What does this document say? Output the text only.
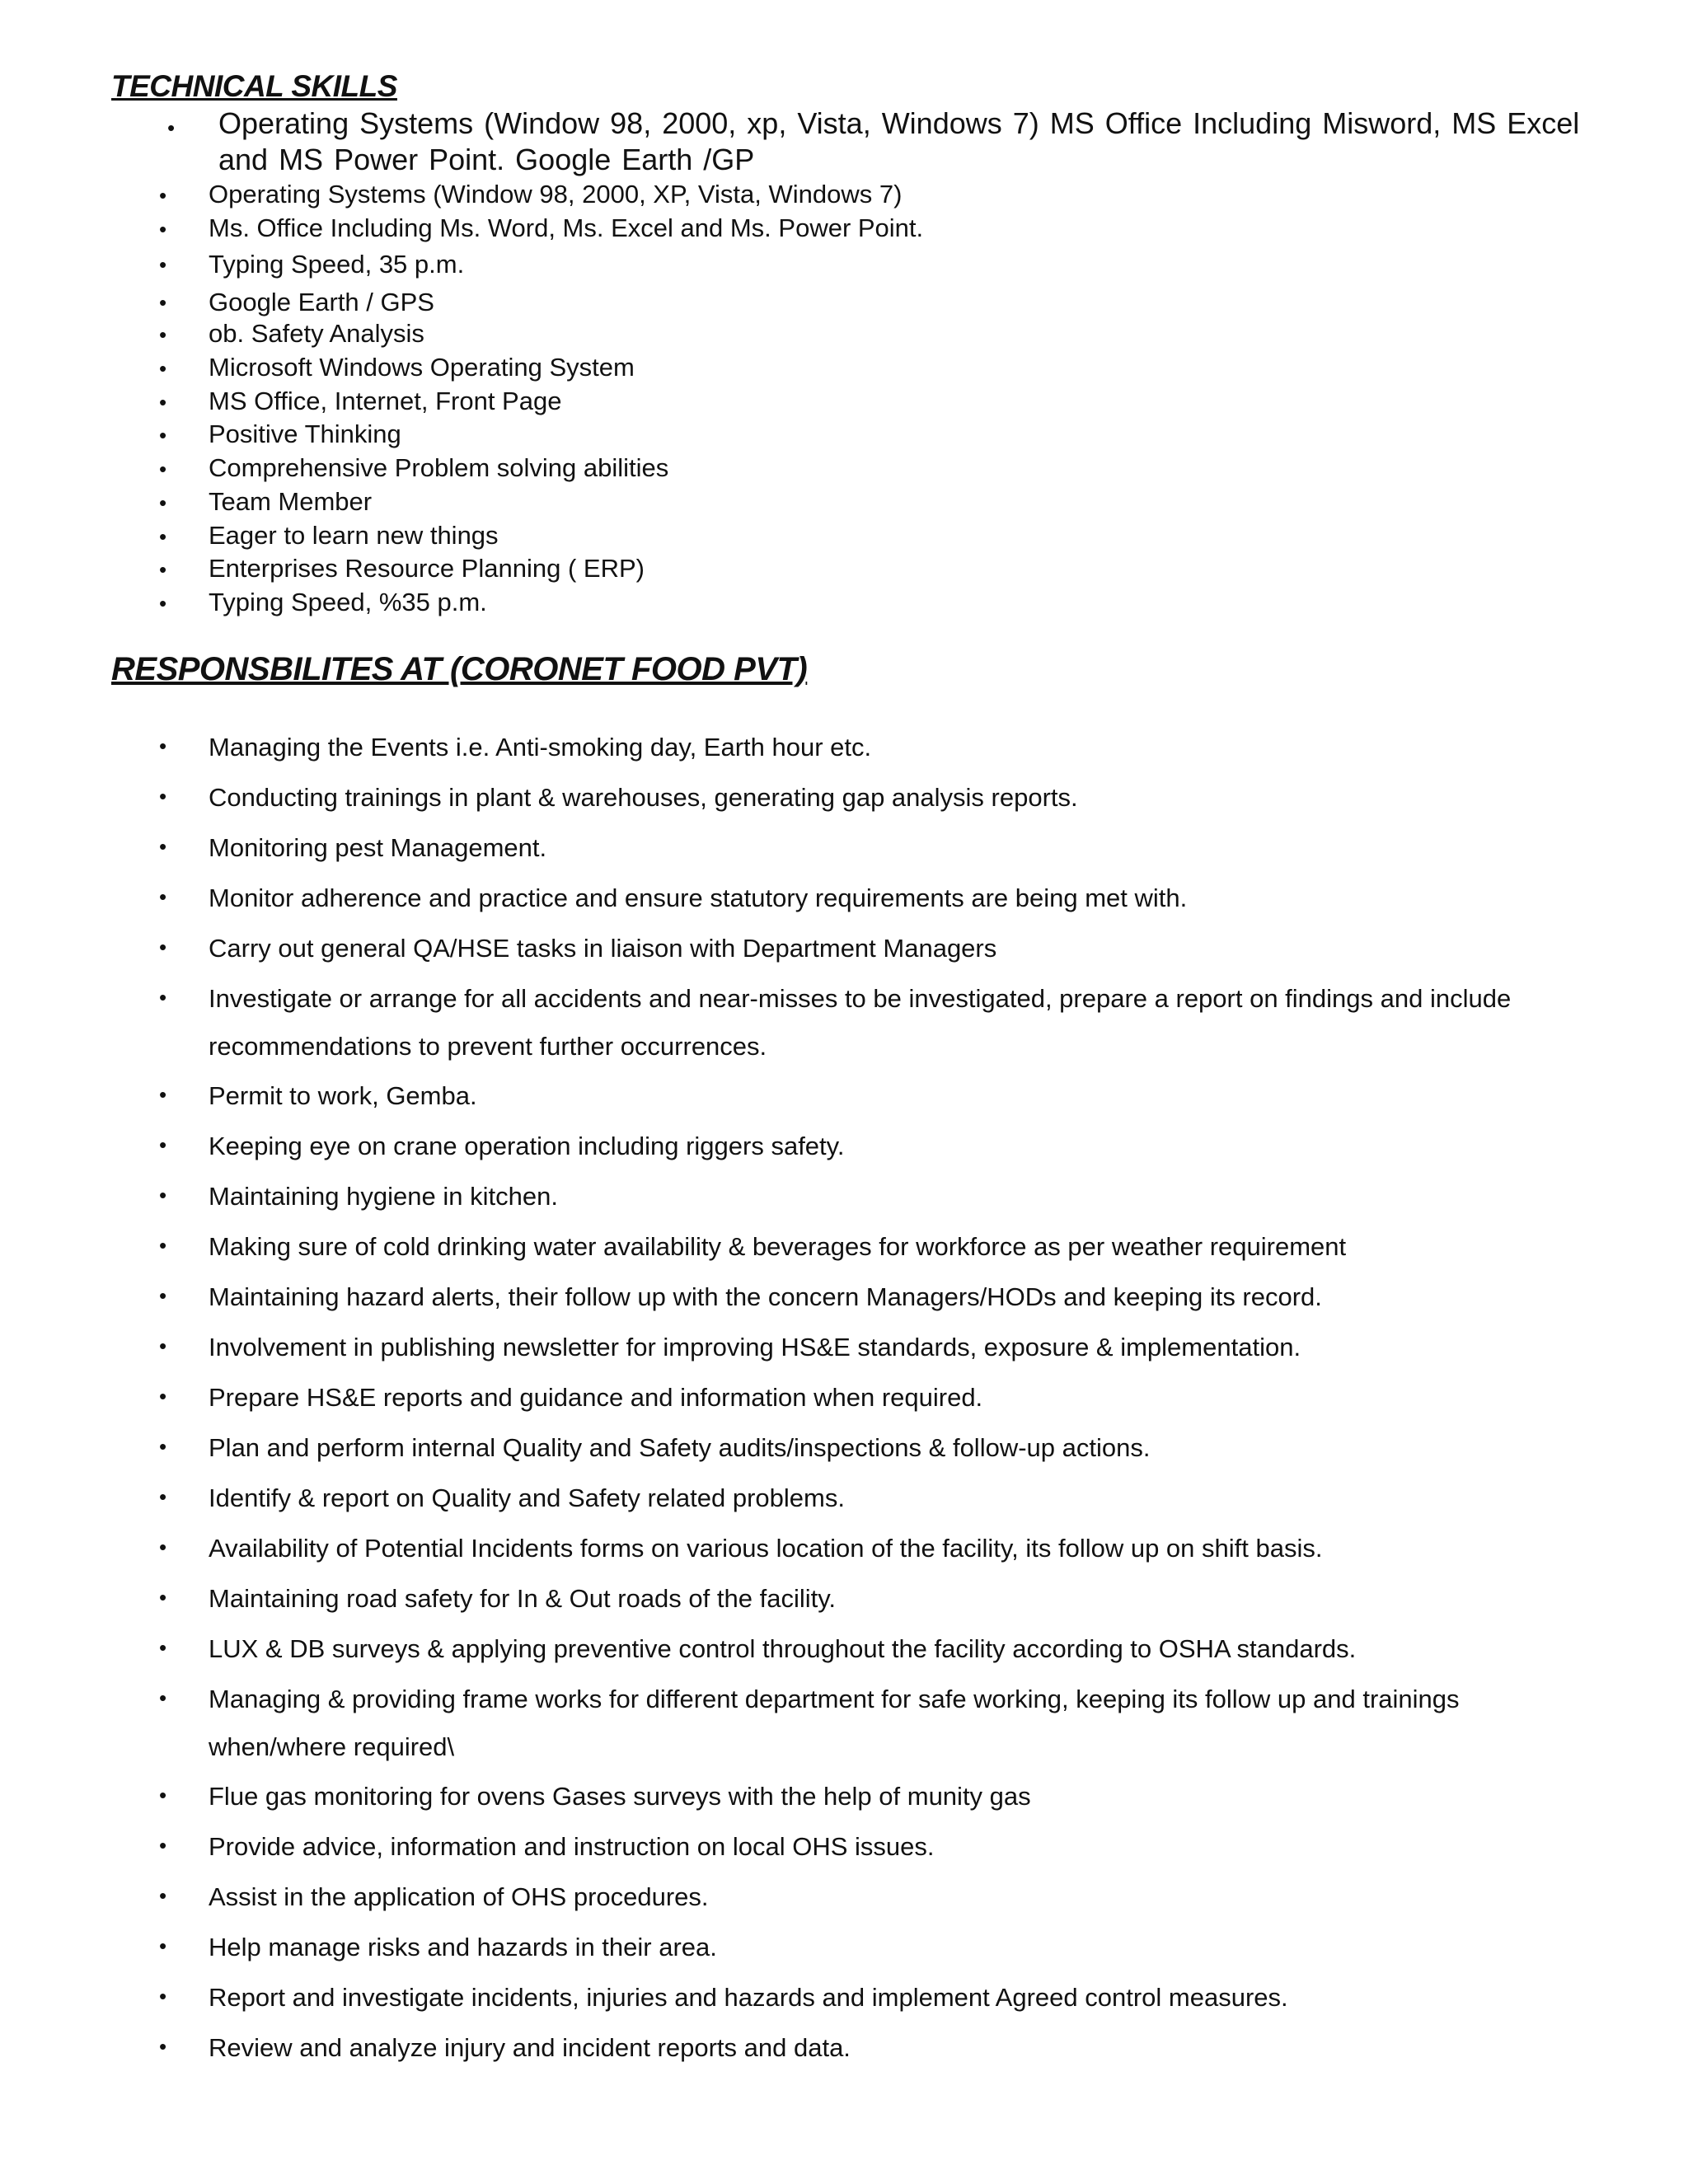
TECHNICAL SKILLS
• Operating Systems (Window 98, 2000, xp, Vista, Windows 7) MS Office Including Misword, MS Excel and MS Power Point. Google Earth /GP
• Operating Systems (Window 98, 2000, XP, Vista, Windows 7)
• Ms. Office Including Ms. Word, Ms. Excel and Ms. Power Point.
• Typing Speed, 35 p.m.
• Google Earth / GPS
• ob. Safety Analysis
• Microsoft Windows Operating System
• MS Office, Internet, Front Page
• Positive Thinking
• Comprehensive Problem solving abilities
• Team Member
• Eager to learn new things
• Enterprises Resource Planning ( ERP)
• Typing Speed, %35 p.m.
RESPONSBILITES AT (CORONET FOOD PVT)
• Managing the Events i.e. Anti-smoking day, Earth hour etc.
• Conducting trainings in plant & warehouses, generating gap analysis reports.
• Monitoring pest Management.
• Monitor adherence and practice and ensure statutory requirements are being met with.
• Carry out general QA/HSE tasks in liaison with Department Managers
• Investigate or arrange for all accidents and near-misses to be investigated, prepare a report on findings and include recommendations to prevent further occurrences.
• Permit to work, Gemba.
• Keeping eye on crane operation including riggers safety.
• Maintaining hygiene in kitchen.
• Making sure of cold drinking water availability & beverages for workforce as per weather requirement
• Maintaining hazard alerts, their follow up with the concern Managers/HODs and keeping its record.
• Involvement in publishing newsletter for improving HS&E standards, exposure & implementation.
• Prepare HS&E reports and guidance and information when required.
• Plan and perform internal Quality and Safety audits/inspections & follow-up actions.
• Identify & report on Quality and Safety related problems.
• Availability of Potential Incidents forms on various location of the facility, its follow up on shift basis.
• Maintaining road safety for In & Out roads of the facility.
• LUX & DB surveys & applying preventive control throughout the facility according to OSHA standards.
• Managing & providing frame works for different department for safe working, keeping its follow up and trainings when/where required\
• Flue gas monitoring for ovens Gases surveys with the help of munity gas
• Provide advice, information and instruction on local OHS issues.
• Assist in the application of OHS procedures.
• Help manage risks and hazards in their area.
• Report and investigate incidents, injuries and hazards and implement Agreed control measures.
• Review and analyze injury and incident reports and data.
